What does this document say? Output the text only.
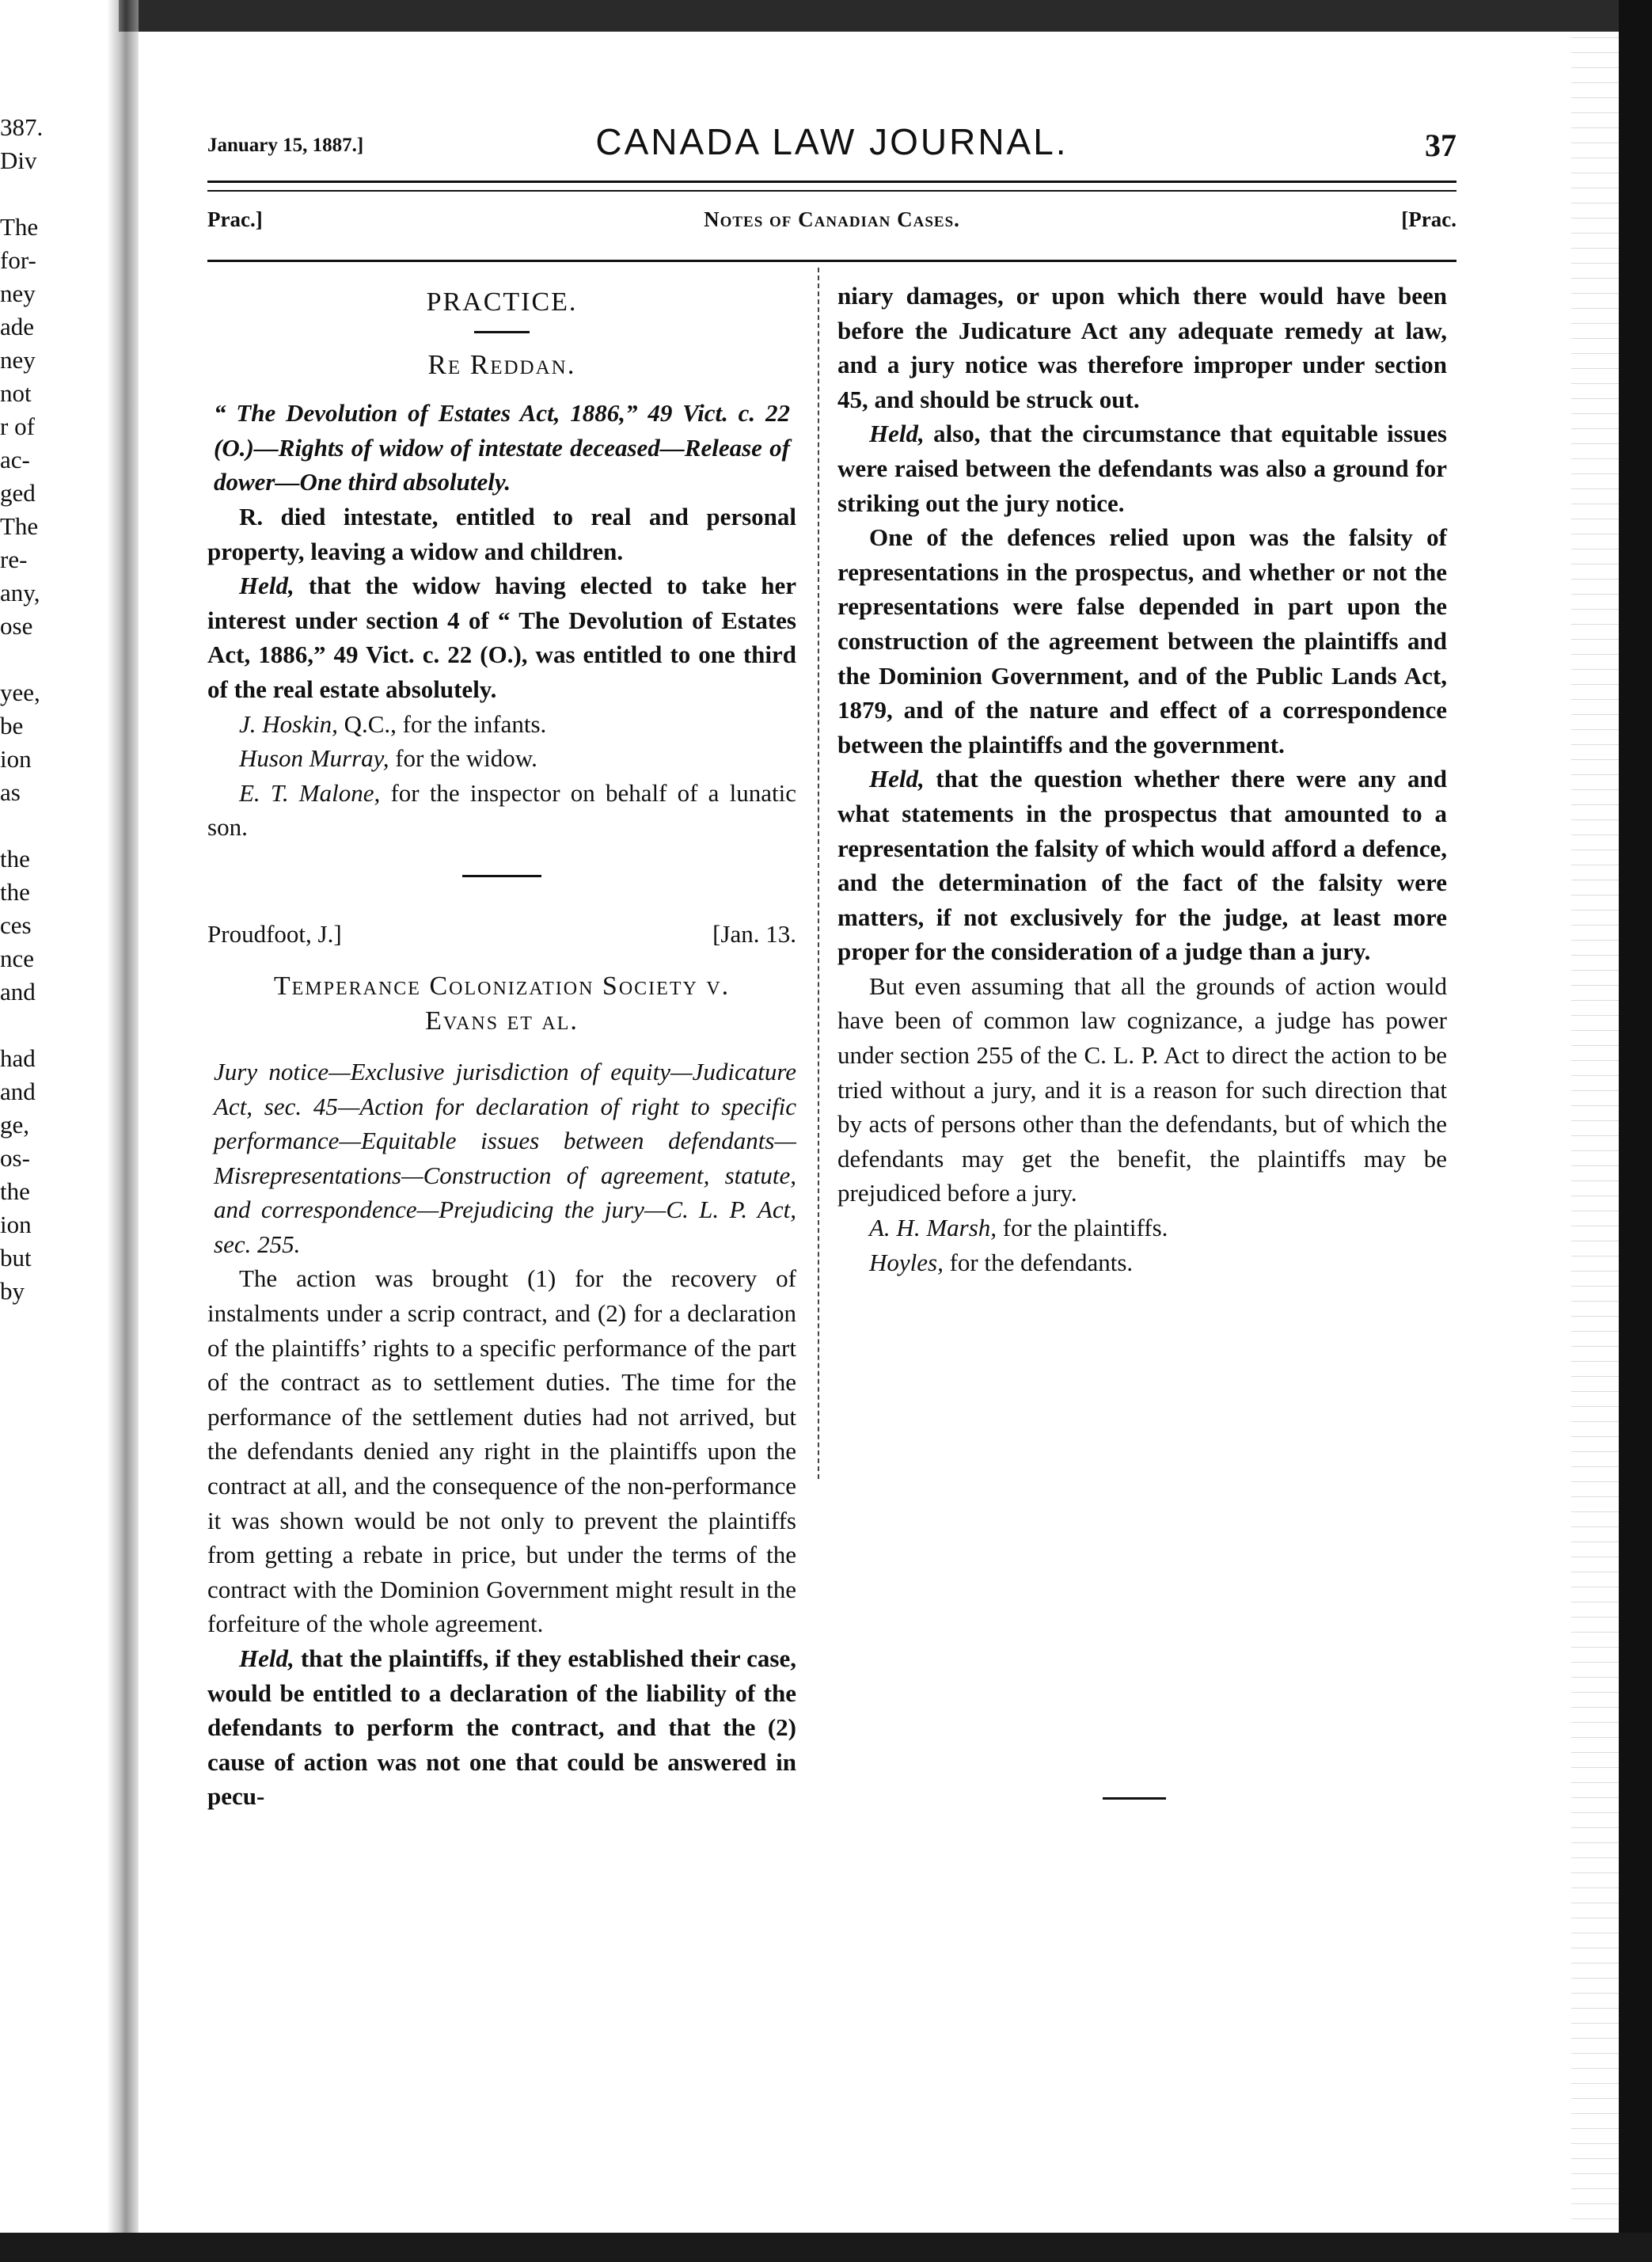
387.
Div
The
for-
ney
ade
ney
not
r of
ac-
ged
The
re-
any,
ose
yee,
be
ion
as
the
the
ces
nce
and
had
and
ge,
os-
the
ion
but
by
January 15, 1887.]	CANADA LAW JOURNAL.	37
Prac.]	Notes of Canadian Cases.	[Prac.
PRACTICE.
Re Reddan.

“ The Devolution of Estates Act, 1886,” 49 Vict. c. 22 (O.)—Rights of widow of intestate deceased—Release of dower—One third absolutely.

R. died intestate, entitled to real and personal property, leaving a widow and children.

Held, that the widow having elected to take her interest under section 4 of “ The Devolution of Estates Act, 1886,” 49 Vict. c. 22 (O.), was entitled to one third of the real estate absolutely.

J. Hoskin, Q.C., for the infants.

Huson Murray, for the widow.

E. T. Malone, for the inspector on behalf of a lunatic son.

Proudfoot, J.]	[Jan. 13.
Temperance Colonization Society v.
Evans et al.

Jury notice—Exclusive jurisdiction of equity—Judicature Act, sec. 45—Action for declaration of right to specific performance—Equitable issues between defendants—Misrepresentations—Construction of agreement, statute, and correspondence—Prejudicing the jury—C. L. P. Act, sec. 255.

The action was brought (1) for the recovery of instalments under a scrip contract, and (2) for a declaration of the plaintiffs’ rights to a specific performance of the part of the contract as to settlement duties. The time for the performance of the settlement duties had not arrived, but the defendants denied any right in the plaintiffs upon the contract at all, and the consequence of the non-performance it was shown would be not only to prevent the plaintiffs from getting a rebate in price, but under the terms of the contract with the Dominion Government might result in the forfeiture of the whole agreement.

Held, that the plaintiffs, if they established their case, would be entitled to a declaration of the liability of the defendants to perform the contract, and that the (2) cause of action was not one that could be answered in pecu-

niary damages, or upon which there would have been before the Judicature Act any adequate remedy at law, and a jury notice was therefore improper under section 45, and should be struck out.

Held, also, that the circumstance that equitable issues were raised between the defendants was also a ground for striking out the jury notice.

One of the defences relied upon was the falsity of representations in the prospectus, and whether or not the representations were false depended in part upon the construction of the agreement between the plaintiffs and the Dominion Government, and of the Public Lands Act, 1879, and of the nature and effect of a correspondence between the plaintiffs and the government.

Held, that the question whether there were any and what statements in the prospectus that amounted to a representation the falsity of which would afford a defence, and the determination of the fact of the falsity were matters, if not exclusively for the judge, at least more proper for the consideration of a judge than a jury.

But even assuming that all the grounds of action would have been of common law cognizance, a judge has power under section 255 of the C. L. P. Act to direct the action to be tried without a jury, and it is a reason for such direction that by acts of persons other than the defendants, but of which the defendants may get the benefit, the plaintiffs may be prejudiced before a jury.

A. H. Marsh, for the plaintiffs.

Hoyles, for the defendants.
